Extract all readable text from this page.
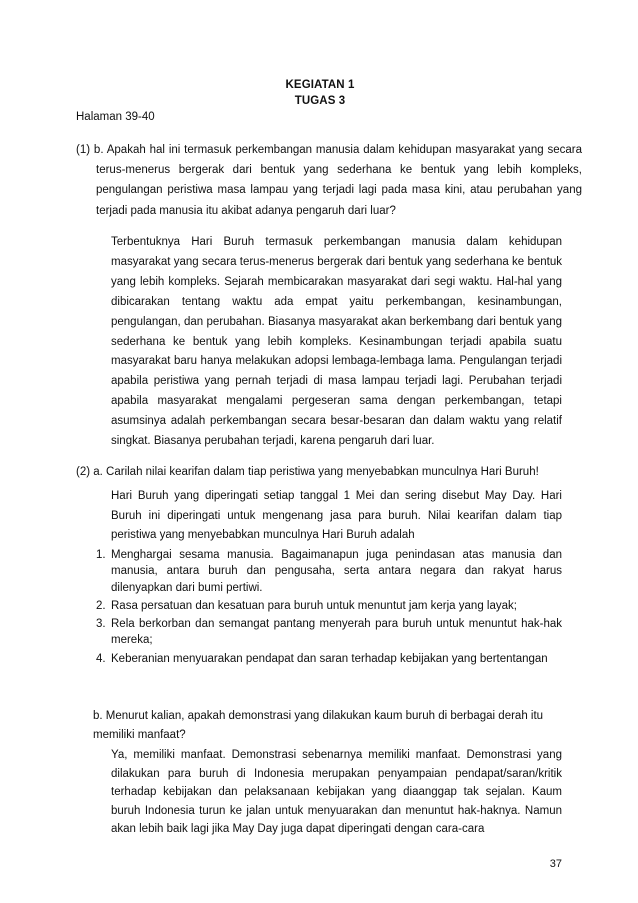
KEGIATAN 1
TUGAS 3
Halaman 39-40

(1) b. Apakah hal ini termasuk perkembangan manusia dalam kehidupan masyarakat yang secara terus-menerus bergerak dari bentuk yang sederhana ke bentuk yang lebih kompleks, pengulangan peristiwa masa lampau yang terjadi lagi pada masa kini, atau perubahan yang terjadi pada manusia itu akibat adanya pengaruh dari luar?

Terbentuknya Hari Buruh termasuk perkembangan manusia dalam kehidupan masyarakat yang secara terus-menerus bergerak dari bentuk yang sederhana ke bentuk yang lebih kompleks. Sejarah membicarakan masyarakat dari segi waktu. Hal-hal yang dibicarakan tentang waktu ada empat yaitu perkembangan, kesinambungan, pengulangan, dan perubahan. Biasanya masyarakat akan berkembang dari bentuk yang sederhana ke bentuk yang lebih kompleks. Kesinambungan terjadi apabila suatu masyarakat baru hanya melakukan adopsi lembaga-lembaga lama. Pengulangan terjadi apabila peristiwa yang pernah terjadi di masa lampau terjadi lagi. Perubahan terjadi apabila masyarakat mengalami pergeseran sama dengan perkembangan, tetapi asumsinya adalah perkembangan secara besar-besaran dan dalam waktu yang relatif singkat. Biasanya perubahan terjadi, karena pengaruh dari luar.

(2) a. Carilah nilai kearifan dalam tiap peristiwa yang menyebabkan munculnya Hari Buruh!

Hari Buruh yang diperingati setiap tanggal 1 Mei dan sering disebut May Day. Hari Buruh ini diperingati untuk mengenang jasa para buruh. Nilai kearifan dalam tiap peristiwa yang menyebabkan munculnya Hari Buruh adalah

1. Menghargai sesama manusia. Bagaimanapun juga penindasan atas manusia dan manusia, antara buruh dan pengusaha, serta antara negara dan rakyat harus dilenyapkan dari bumi pertiwi.
2. Rasa persatuan dan kesatuan para buruh untuk menuntut jam kerja yang layak;
3. Rela berkorban dan semangat pantang menyerah para buruh untuk menuntut hak-hak mereka;
4. Keberanian menyuarakan pendapat dan saran terhadap kebijakan yang bertentangan

b. Menurut kalian, apakah demonstrasi yang dilakukan kaum buruh di berbagai derah itu memiliki manfaat?

Ya, memiliki manfaat. Demonstrasi sebenarnya memiliki manfaat. Demonstrasi yang dilakukan para buruh di Indonesia merupakan penyampaian pendapat/saran/kritik terhadap kebijakan dan pelaksanaan kebijakan yang diaanggap tak sejalan. Kaum buruh Indonesia turun ke jalan untuk menyuarakan dan menuntut hak-haknya. Namun akan lebih baik lagi jika May Day juga dapat diperingati dengan cara-cara

37
